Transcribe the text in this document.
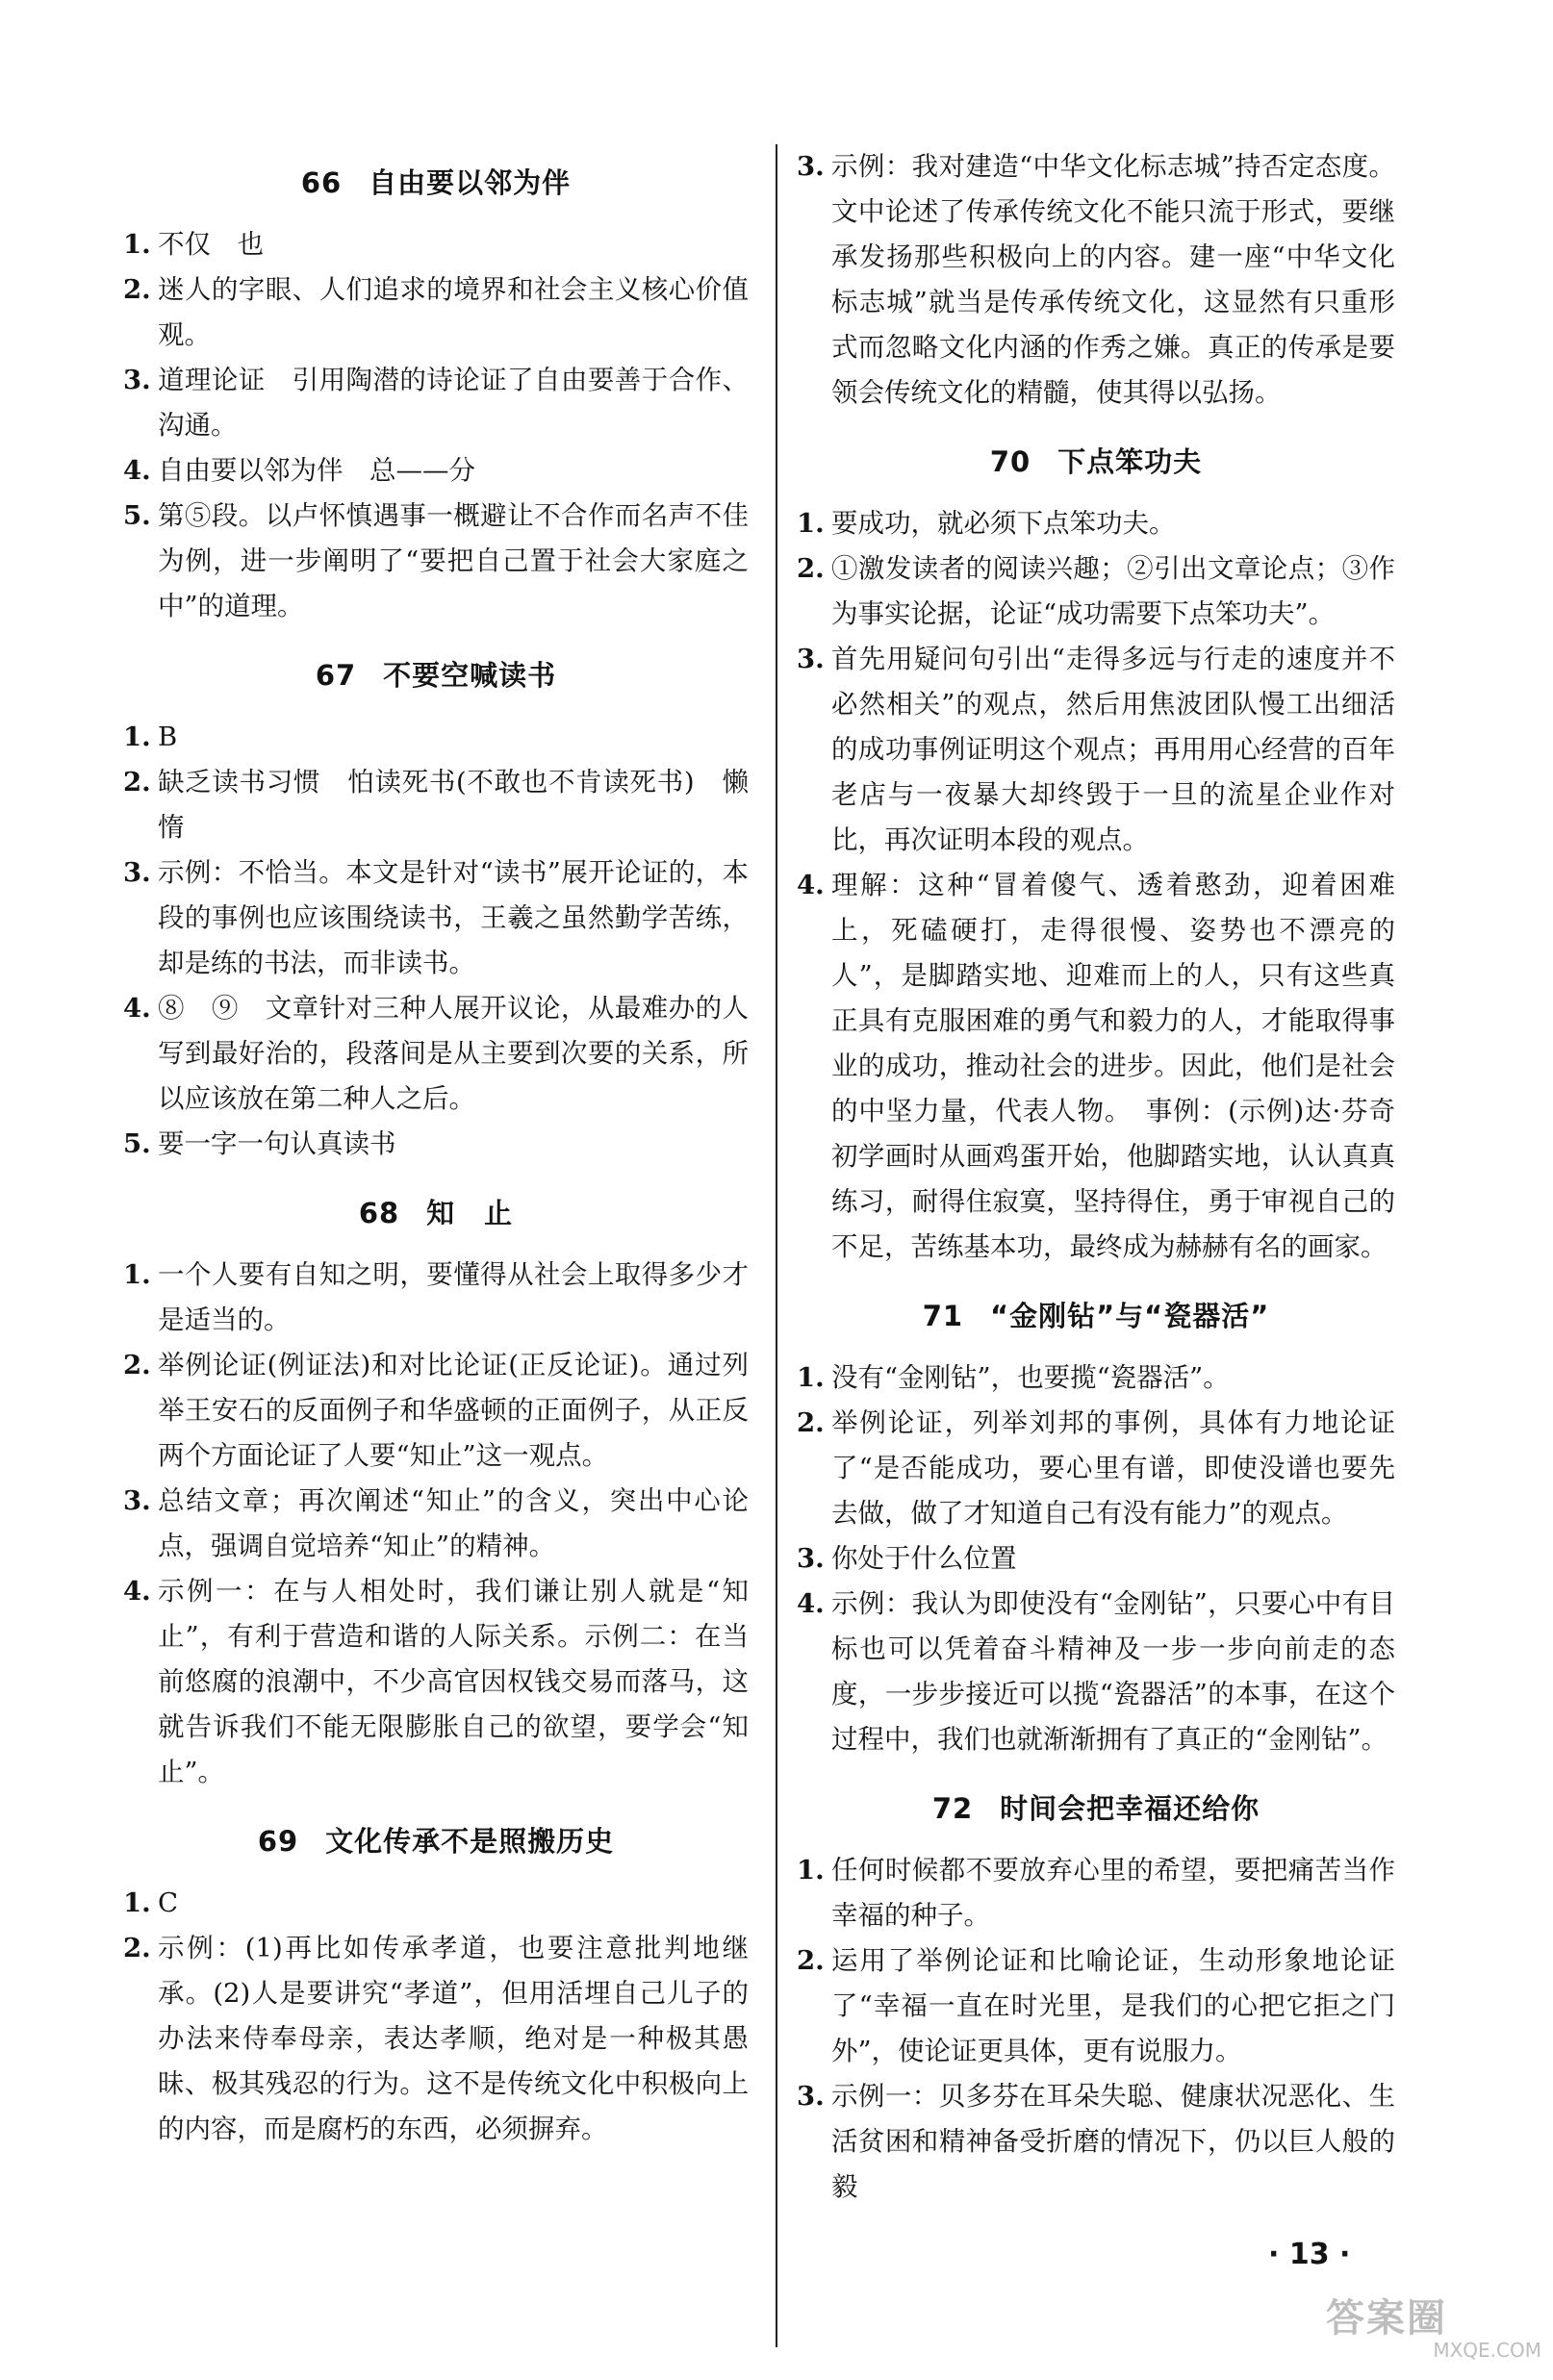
66 自由要以邻为伴
1. 不仅　也
2. 迷人的字眼、人们追求的境界和社会主义核心价值观。
3. 道理论证　引用陶潜的诗论证了自由要善于合作、沟通。
4. 自由要以邻为伴　总——分
5. 第⑤段。以卢怀慎遇事一概避让不合作而名声不佳为例，进一步阐明了“要把自己置于社会大家庭之中”的道理。
67 不要空喊读书
1. B
2. 缺乏读书习惯　怕读死书(不敢也不肯读死书)　懒惰
3. 示例：不恰当。本文是针对“读书”展开论证的，本段的事例也应该围绕读书，王羲之虽然勤学苦练，却是练的书法，而非读书。
4. ⑧　⑨　文章针对三种人展开议论，从最难办的人写到最好治的，段落间是从主要到次要的关系，所以应该放在第二种人之后。
5. 要一字一句认真读书
68 知　止
1. 一个人要有自知之明，要懂得从社会上取得多少才是适当的。
2. 举例论证(例证法)和对比论证(正反论证)。通过列举王安石的反面例子和华盛顿的正面例子，从正反两个方面论证了人要“知止”这一观点。
3. 总结文章；再次阐述“知止”的含义，突出中心论点，强调自觉培养“知止”的精神。
4. 示例一：在与人相处时，我们谦让别人就是“知止”，有利于营造和谐的人际关系。示例二：在当前悠腐的浪潮中，不少高官因权钱交易而落马，这就告诉我们不能无限膨胀自己的欲望，要学会“知止”。
69 文化传承不是照搬历史
1. C
2. 示例：(1)再比如传承孝道，也要注意批判地继承。(2)人是要讲究“孝道”，但用活埋自己儿子的办法来侍奉母亲，表达孝顺，绝对是一种极其愚昧、极其残忍的行为。这不是传统文化中积极向上的内容，而是腐朽的东西，必须摒弃。
3. 示例：我对建造“中华文化标志城”持否定态度。文中论述了传承传统文化不能只流于形式，要继承发扬那些积极向上的内容。建一座“中华文化标志城”就当是传承传统文化，这显然有只重形式而忽略文化内涵的作秀之嫌。真正的传承是要领会传统文化的精髓，使其得以弘扬。
70 下点笨功夫
1. 要成功，就必须下点笨功夫。
2. ①激发读者的阅读兴趣；②引出文章论点；③作为事实论据，论证“成功需要下点笨功夫”。
3. 首先用疑问句引出“走得多远与行走的速度并不必然相关”的观点，然后用焦波团队慢工出细活的成功事例证明这个观点；再用用心经营的百年老店与一夜暴大却终毁于一旦的流星企业作对比，再次证明本段的观点。
4. 理解：这种“冒着傻气、透着憨劲，迎着困难上，死磕硬打，走得很慢、姿势也不漂亮的人”，是脚踏实地、迎难而上的人，只有这些真正具有克服困难的勇气和毅力的人，才能取得事业的成功，推动社会的进步。因此，他们是社会的中坚力量，代表人物。　事例：(示例)达·芬奇初学画时从画鸡蛋开始，他脚踏实地，认认真真练习，耐得住寂寞，坚持得住，勇于审视自己的不足，苦练基本功，最终成为赫赫有名的画家。
71 “金刚钻”与“瓷器活”
1. 没有“金刚钻”，也要揽“瓷器活”。
2. 举例论证，列举刘邦的事例，具体有力地论证了“是否能成功，要心里有谱，即使没谱也要先去做，做了才知道自己有没有能力”的观点。
3. 你处于什么位置
4. 示例：我认为即使没有“金刚钻”，只要心中有目标也可以凭着奋斗精神及一步一步向前走的态度，一步步接近可以揽“瓷器活”的本事，在这个过程中，我们也就渐渐拥有了真正的“金刚钻”。
72 时间会把幸福还给你
1. 任何时候都不要放弃心里的希望，要把痛苦当作幸福的种子。
2. 运用了举例论证和比喻论证，生动形象地论证了“幸福一直在时光里，是我们的心把它拒之门外”，使论证更具体，更有说服力。
3. 示例一：贝多芬在耳朵失聪、健康状况恶化、生活贫困和精神备受折磨的情况下，仍以巨人般的毅
· 13 ·
答案圈
MXQE.COM
